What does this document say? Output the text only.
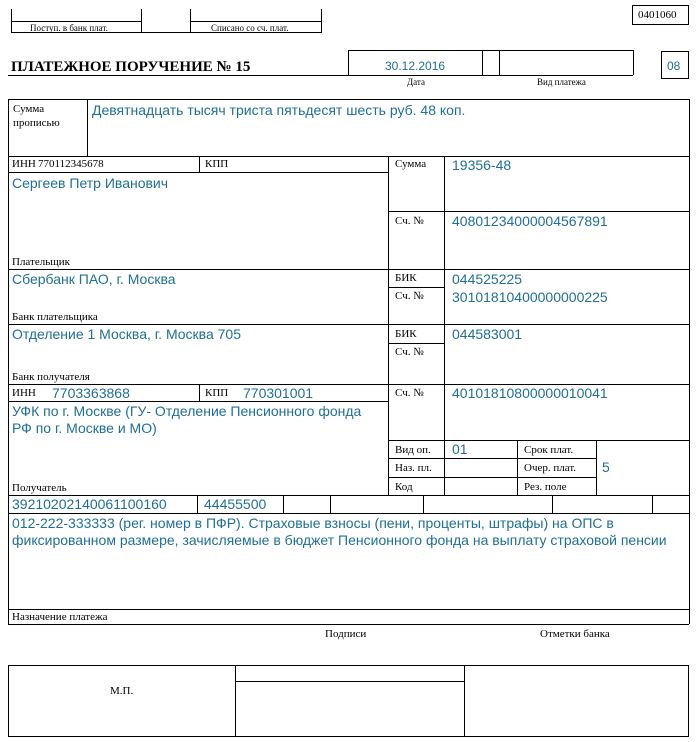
Поступ. в банк плат.	Списано со сч. плат.
0401060
ПЛАТЕЖНОЕ ПОРУЧЕНИЕ № 15	30.12.2016
Дата	Вид платежа
08
Сумма
прописью
Девятнадцать тысяч триста пятьдесят шесть руб. 48 коп.
ИНН 770112345678	КПП
Сергеев Петр Иванович
Плательщик
Сумма 19356-48
Сч. № 40801234000004567891
Сбербанк ПАО, г. Москва
Банк плательщика
БИК	044525225
Сч. № 30101810400000000225
Отделение 1 Москва, г. Москва 705
Банк получателя
БИК	044583001
Сч. №
ИНН 7703363868	КПП 770301001
УФК по г. Москве (ГУ- Отделение Пенсионного фонда РФ по г. Москве и МО)
Получатель
Сч. № 40101810800000010041
Вид оп. 01
Наз. пл.
Код
Срок плат.
Очер. плат. 5
Рез. поле
39210202140061100160	44455500
012-222-333333 (рег. номер в ПФР). Страховые взносы (пени, проценты, штрафы) на ОПС в фиксированном размере, зачисляемые в бюджет Пенсионного фонда на выплату страховой пенсии
Назначение платежа
Подписи	Отметки банка
М.П.
